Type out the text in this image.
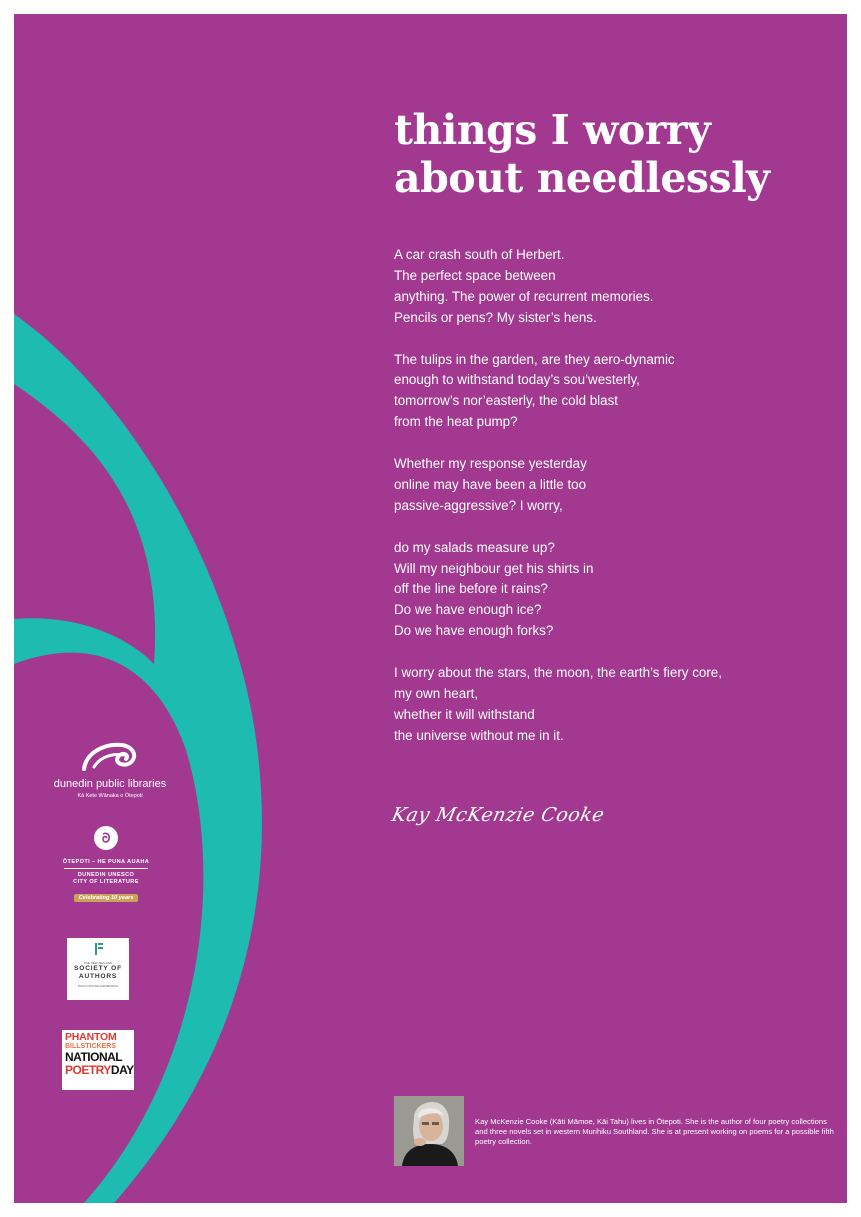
things I worry
about needlessly
A car crash south of Herbert.
The perfect space between
anything. The power of recurrent memories.
Pencils or pens? My sister’s hens.
The tulips in the garden, are they aero-dynamic
enough to withstand today’s sou’westerly,
tomorrow’s nor’easterly, the cold blast
from the heat pump?
Whether my response yesterday
online may have been a little too
passive-aggressive? I worry,
do my salads measure up?
Will my neighbour get his shirts in
off the line before it rains?
Do we have enough ice?
Do we have enough forks?
I worry about the stars, the moon, the earth’s fiery core,
my own heart,
whether it will withstand
the universe without me in it.
Kay McKenzie Cooke
Kay McKenzie Cooke (Kāti Māmoe, Kāi Tahu) lives in Ōtepoti. She is the author of four poetry collections and three novels set in western Murihiku Southland. She is at present working on poems for a possible fifth poetry collection.
dunedin public libraries
Kā Kete Wānaka o Ōtepoti
ŌTEPOTI – HE PUNA AUAHA
DUNEDIN UNESCO
CITY OF LITERATURE
Celebrating 10 years
THE NEW ZEALAND
SOCIETY OF
AUTHORS
ŌTAGO SOUTHLAND BRANCH
PHANTOM
BILLSTICKERS
NATIONAL
POETRYDAY
